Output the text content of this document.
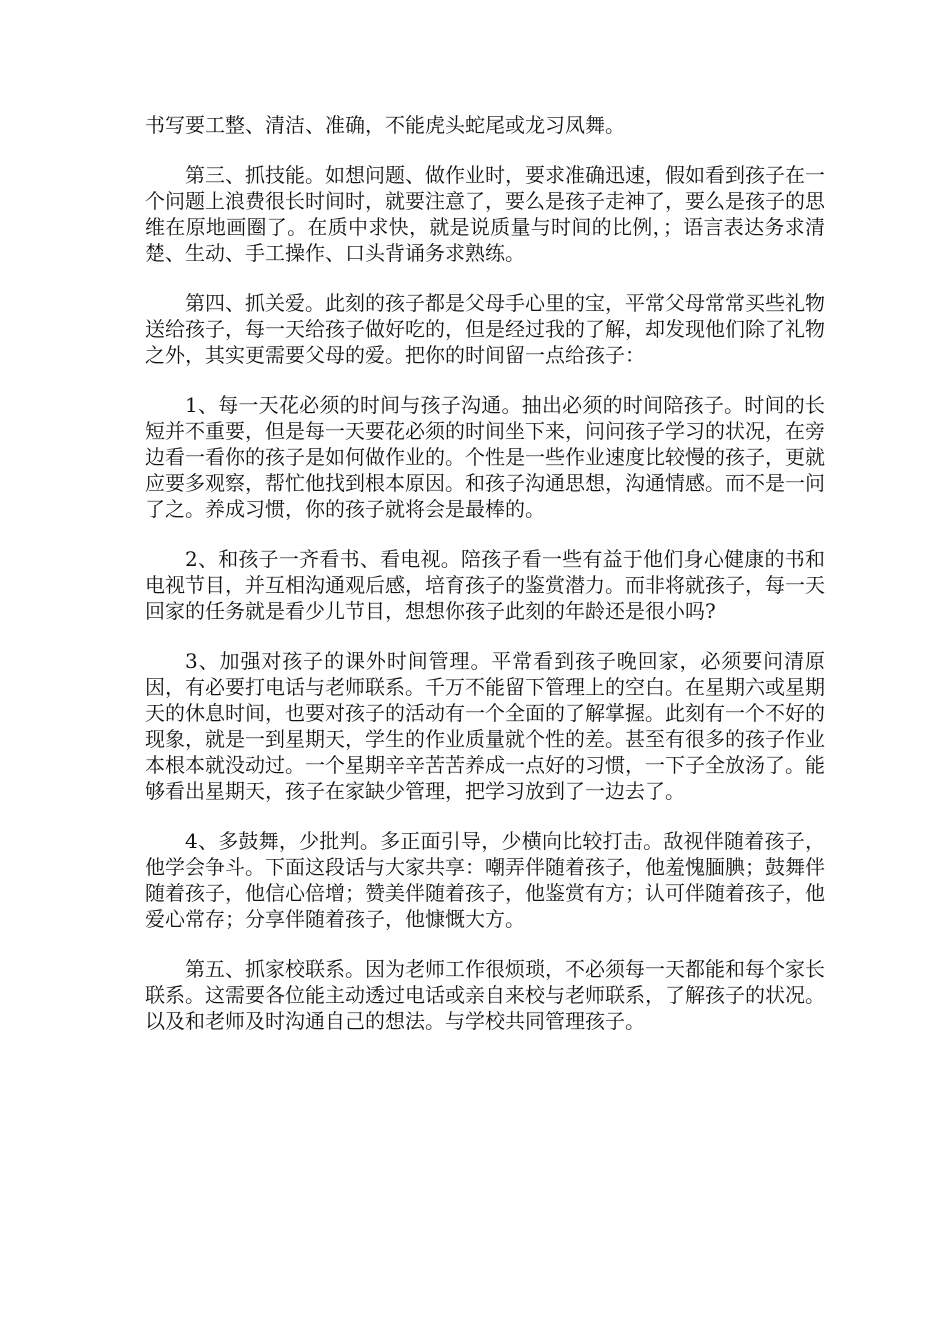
书写要工整、清洁、准确，不能虎头蛇尾或龙习凤舞。

第三、抓技能。如想问题、做作业时，要求准确迅速，假如看到孩子在一个问题上浪费很长时间时，就要注意了，要么是孩子走神了，要么是孩子的思维在原地画圈了。在质中求快，就是说质量与时间的比例，；语言表达务求清楚、生动、手工操作、口头背诵务求熟练。

第四、抓关爱。此刻的孩子都是父母手心里的宝，平常父母常常买些礼物送给孩子，每一天给孩子做好吃的，但是经过我的了解，却发现他们除了礼物之外，其实更需要父母的爱。把你的时间留一点给孩子：

1、每一天花必须的时间与孩子沟通。抽出必须的时间陪孩子。时间的长短并不重要，但是每一天要花必须的时间坐下来，问问孩子学习的状况，在旁边看一看你的孩子是如何做作业的。个性是一些作业速度比较慢的孩子，更就应要多观察，帮忙他找到根本原因。和孩子沟通思想，沟通情感。而不是一问了之。养成习惯，你的孩子就将会是最棒的。

2、和孩子一齐看书、看电视。陪孩子看一些有益于他们身心健康的书和电视节目，并互相沟通观后感，培育孩子的鉴赏潜力。而非将就孩子，每一天回家的任务就是看少儿节目，想想你孩子此刻的年龄还是很小吗?

3、加强对孩子的课外时间管理。平常看到孩子晚回家，必须要问清原因，有必要打电话与老师联系。千万不能留下管理上的空白。在星期六或星期天的休息时间，也要对孩子的活动有一个全面的了解掌握。此刻有一个不好的现象，就是一到星期天，学生的作业质量就个性的差。甚至有很多的孩子作业本根本就没动过。一个星期辛辛苦苦养成一点好的习惯，一下子全放汤了。能够看出星期天，孩子在家缺少管理，把学习放到了一边去了。

4、多鼓舞，少批判。多正面引导，少横向比较打击。敌视伴随着孩子，他学会争斗。下面这段话与大家共享：嘲弄伴随着孩子，他羞愧腼腆；鼓舞伴随着孩子，他信心倍增；赞美伴随着孩子，他鉴赏有方；认可伴随着孩子，他爱心常存；分享伴随着孩子，他慷慨大方。

第五、抓家校联系。因为老师工作很烦琐，不必须每一天都能和每个家长联系。这需要各位能主动透过电话或亲自来校与老师联系，了解孩子的状况。以及和老师及时沟通自己的想法。与学校共同管理孩子。
